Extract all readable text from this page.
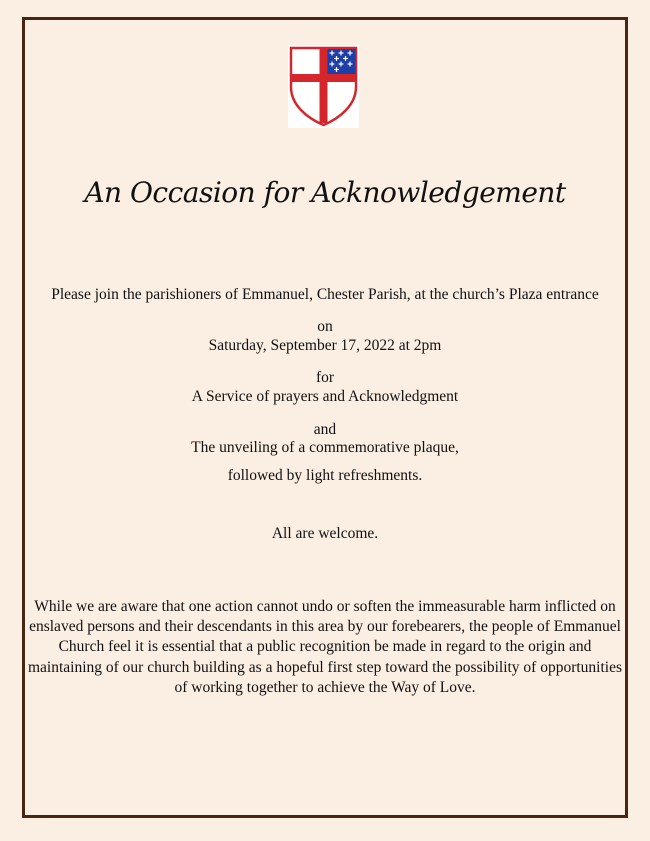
An Occasion for Acknowledgement
Please join the parishioners of Emmanuel, Chester Parish, at the church’s Plaza entrance
on
Saturday, September 17, 2022 at 2pm
for
A Service of prayers and Acknowledgment
and
The unveiling of a commemorative plaque,
followed by light refreshments.
All are welcome.
While we are aware that one action cannot undo or soften the immeasurable harm inflicted on enslaved persons and their descendants in this area by our forebearers, the people of Emmanuel Church feel it is essential that a public recognition be made in regard to the origin and maintaining of our church building as a hopeful first step toward the possibility of opportunities of working together to achieve the Way of Love.
